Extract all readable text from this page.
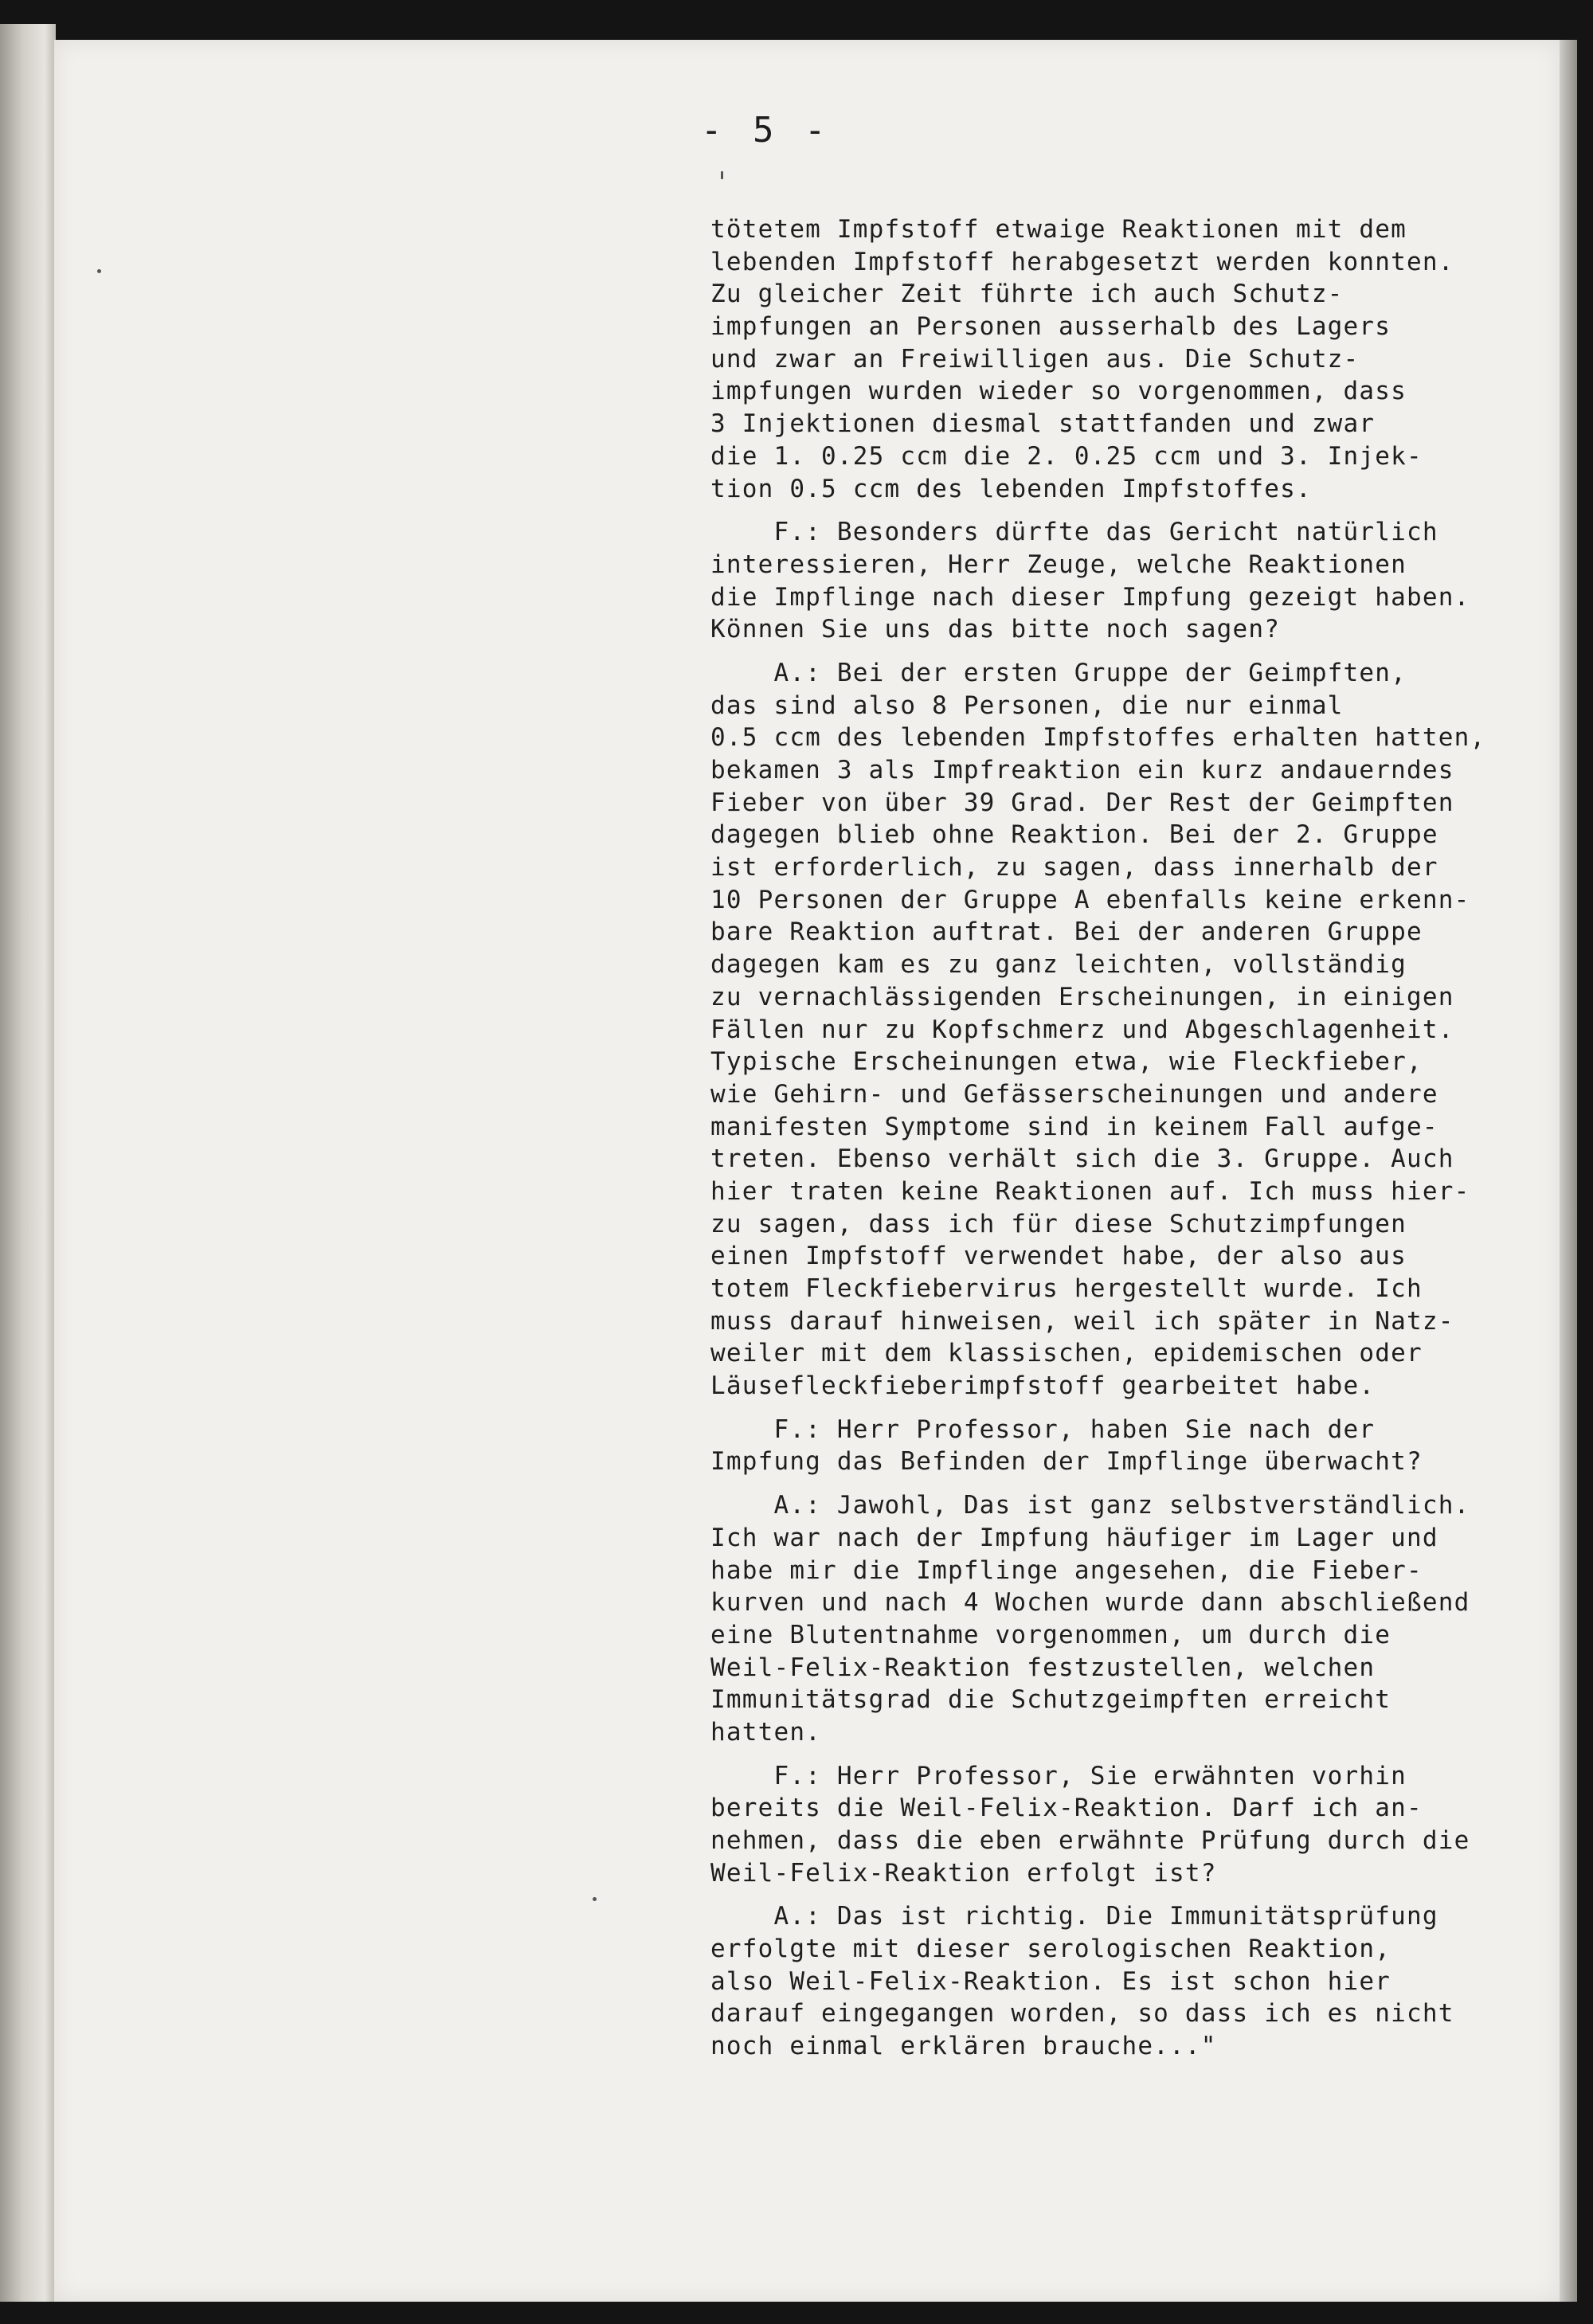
- 5 -
tötetem Impfstoff etwaige Reaktionen mit dem
lebenden Impfstoff herabgesetzt werden konnten.
Zu gleicher Zeit führte ich auch Schutz-
impfungen an Personen ausserhalb des Lagers
und zwar an Freiwilligen aus. Die Schutz-
impfungen wurden wieder so vorgenommen, dass
3 Injektionen diesmal stattfanden und zwar
die 1. 0.25 ccm die 2. 0.25 ccm und 3. Injek-
tion 0.5 ccm des lebenden Impfstoffes.
F.: Besonders dürfte das Gericht natürlich
interessieren, Herr Zeuge, welche Reaktionen
die Impflinge nach dieser Impfung gezeigt haben.
Können Sie uns das bitte noch sagen?
A.: Bei der ersten Gruppe der Geimpften,
das sind also 8 Personen, die nur einmal
0.5 ccm des lebenden Impfstoffes erhalten hatten,
bekamen 3 als Impfreaktion ein kurz andauerndes
Fieber von über 39 Grad. Der Rest der Geimpften
dagegen blieb ohne Reaktion. Bei der 2. Gruppe
ist erforderlich, zu sagen, dass innerhalb der
10 Personen der Gruppe A ebenfalls keine erkenn-
bare Reaktion auftrat. Bei der anderen Gruppe
dagegen kam es zu ganz leichten, vollständig
zu vernachlässigenden Erscheinungen, in einigen
Fällen nur zu Kopfschmerz und Abgeschlagenheit.
Typische Erscheinungen etwa, wie Fleckfieber,
wie Gehirn- und Gefässerscheinungen und andere
manifesten Symptome sind in keinem Fall aufge-
treten. Ebenso verhält sich die 3. Gruppe. Auch
hier traten keine Reaktionen auf. Ich muss hier-
zu sagen, dass ich für diese Schutzimpfungen
einen Impfstoff verwendet habe, der also aus
totem Fleckfiebervirus hergestellt wurde. Ich
muss darauf hinweisen, weil ich später in Natz-
weiler mit dem klassischen, epidemischen oder
Läusefleckfieberimpfstoff gearbeitet habe.
F.: Herr Professor, haben Sie nach der
Impfung das Befinden der Impflinge überwacht?
A.: Jawohl, Das ist ganz selbstverständlich.
Ich war nach der Impfung häufiger im Lager und
habe mir die Impflinge angesehen, die Fieber-
kurven und nach 4 Wochen wurde dann abschließend
eine Blutentnahme vorgenommen, um durch die
Weil-Felix-Reaktion festzustellen, welchen
Immunitätsgrad die Schutzgeimpften erreicht
hatten.
F.: Herr Professor, Sie erwähnten vorhin
bereits die Weil-Felix-Reaktion. Darf ich an-
nehmen, dass die eben erwähnte Prüfung durch die
Weil-Felix-Reaktion erfolgt ist?
A.: Das ist richtig. Die Immunitätsprüfung
erfolgte mit dieser serologischen Reaktion,
also Weil-Felix-Reaktion. Es ist schon hier
darauf eingegangen worden, so dass ich es nicht
noch einmal erklären brauche..."
